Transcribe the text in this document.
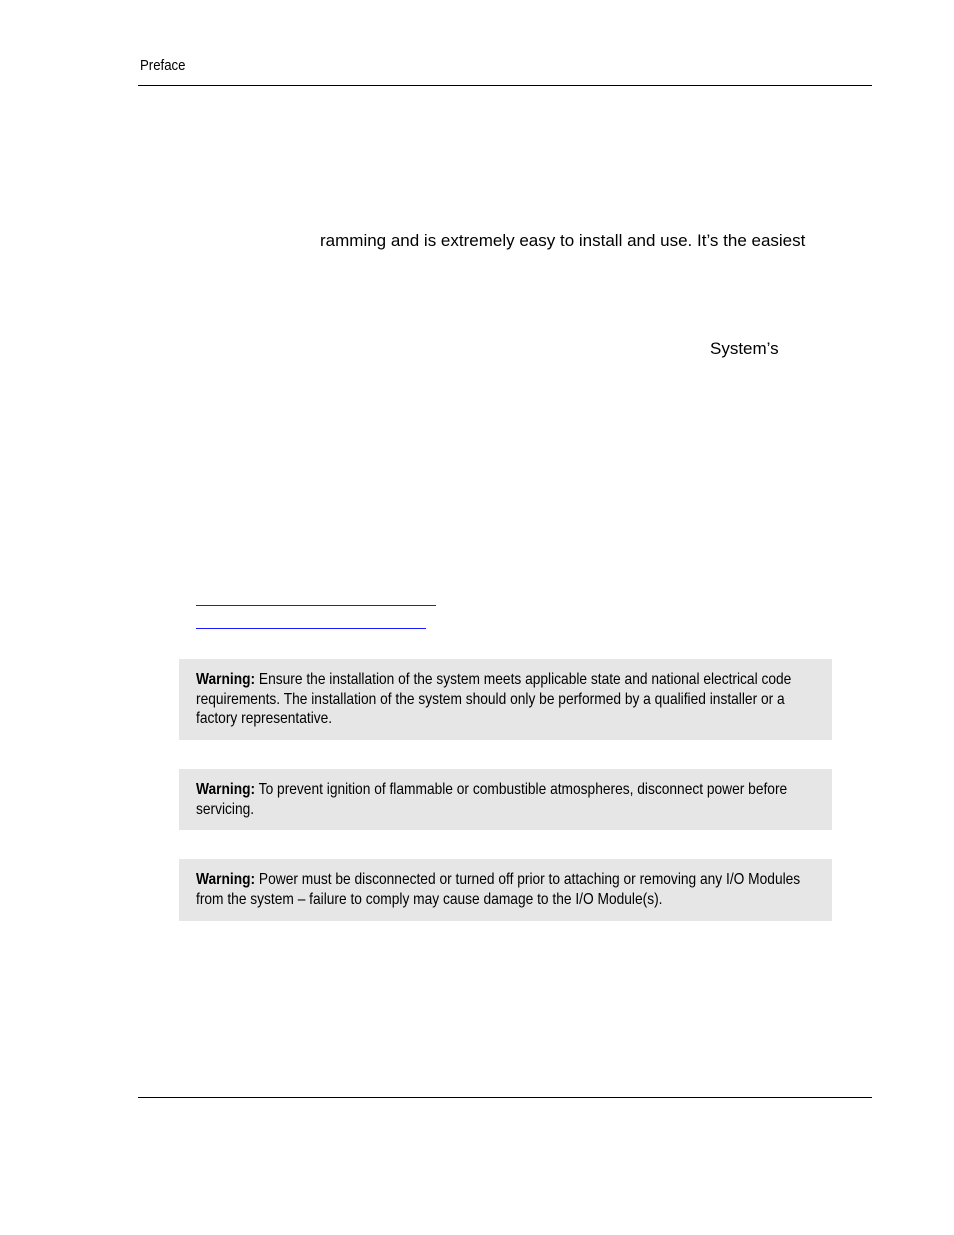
Preface
ramming and is extremely easy to install and use. It’s the easiest
System’s
Warning: Ensure the installation of the system meets applicable state and national electrical code requirements. The installation of the system should only be performed by a qualified installer or a factory representative.
Warning: To prevent ignition of flammable or combustible atmospheres, disconnect power before servicing.
Warning: Power must be disconnected or turned off prior to attaching or removing any I/O Modules from the system – failure to comply may cause damage to the I/O Module(s).
